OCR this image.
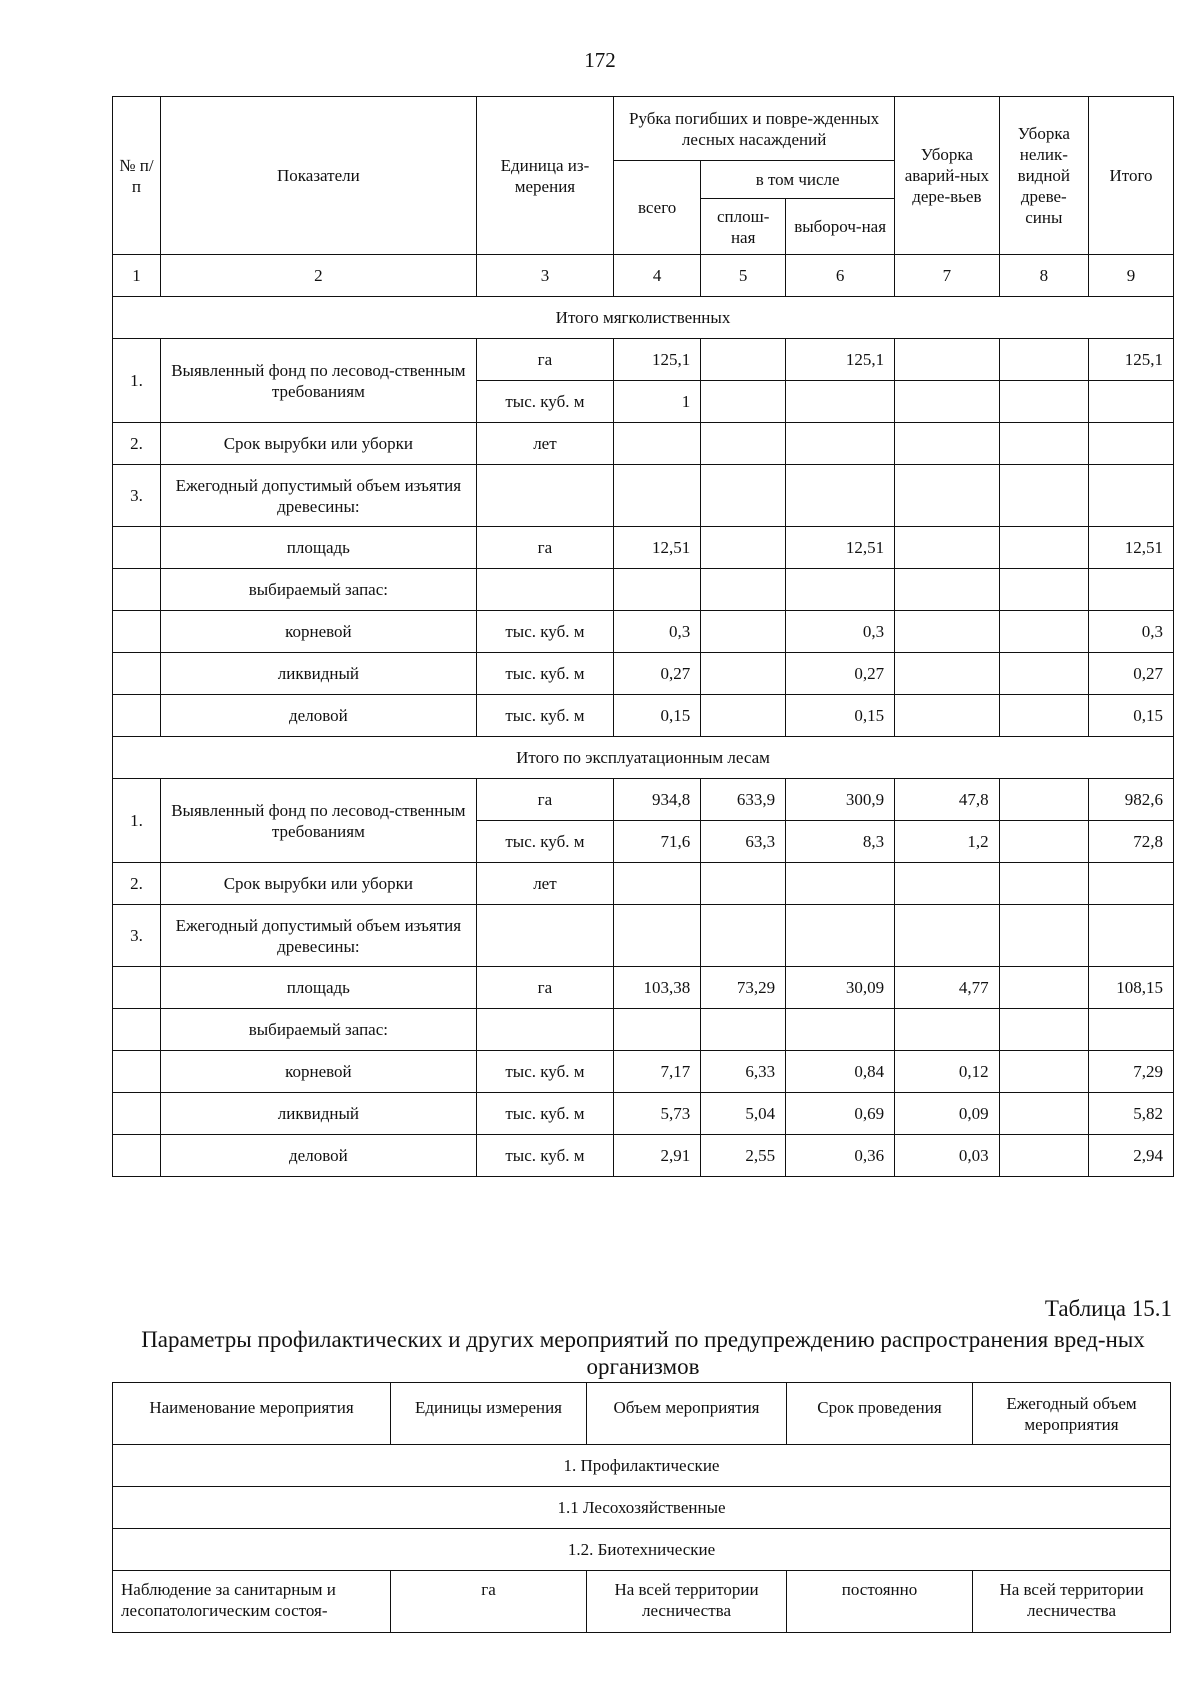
172
№ п/п	Показатели	Единица из-мерения	Рубка погибших и повре-жденных лесных насаждений			Уборка аварий-ных дере-вьев	Уборка нелик-видной древе-сины	Итого
			всего	в том числе				
				сплош-ная	выбороч-ная			
1	2	3	4	5	6	7	8	9
Итого мягколиственных								
1.	Выявленный фонд по лесовод-ственным требованиям	га	125,1		125,1			125,1
		тыс. куб. м	1					
2.	Срок вырубки или уборки	лет						
3.	Ежегодный допустимый объем изъятия древесины:							
	площадь	га	12,51		12,51			12,51
	выбираемый запас:							
	корневой	тыс. куб. м	0,3		0,3			0,3
	ликвидный	тыс. куб. м	0,27		0,27			0,27
	деловой	тыс. куб. м	0,15		0,15			0,15
Итого по эксплуатационным лесам								
1.	Выявленный фонд по лесовод-ственным требованиям	га	934,8	633,9	300,9	47,8		982,6
		тыс. куб. м	71,6	63,3	8,3	1,2		72,8
2.	Срок вырубки или уборки	лет						
3.	Ежегодный допустимый объем изъятия древесины:							
	площадь	га	103,38	73,29	30,09	4,77		108,15
	выбираемый запас:							
	корневой	тыс. куб. м	7,17	6,33	0,84	0,12		7,29
	ликвидный	тыс. куб. м	5,73	5,04	0,69	0,09		5,82
	деловой	тыс. куб. м	2,91	2,55	0,36	0,03		2,94
Таблица 15.1
Параметры профилактических и других мероприятий по предупреждению распространения вред-ных организмов
Наименование мероприятия	Единицы измерения	Объем мероприятия	Срок проведения	Ежегодный объем мероприятия
1. Профилактические				
1.1 Лесохозяйственные				
1.2. Биотехнические				
Наблюдение за санитарным и лесопатологическим состоя-	га	На всей территории лесничества	постоянно	На всей территории лесничества
